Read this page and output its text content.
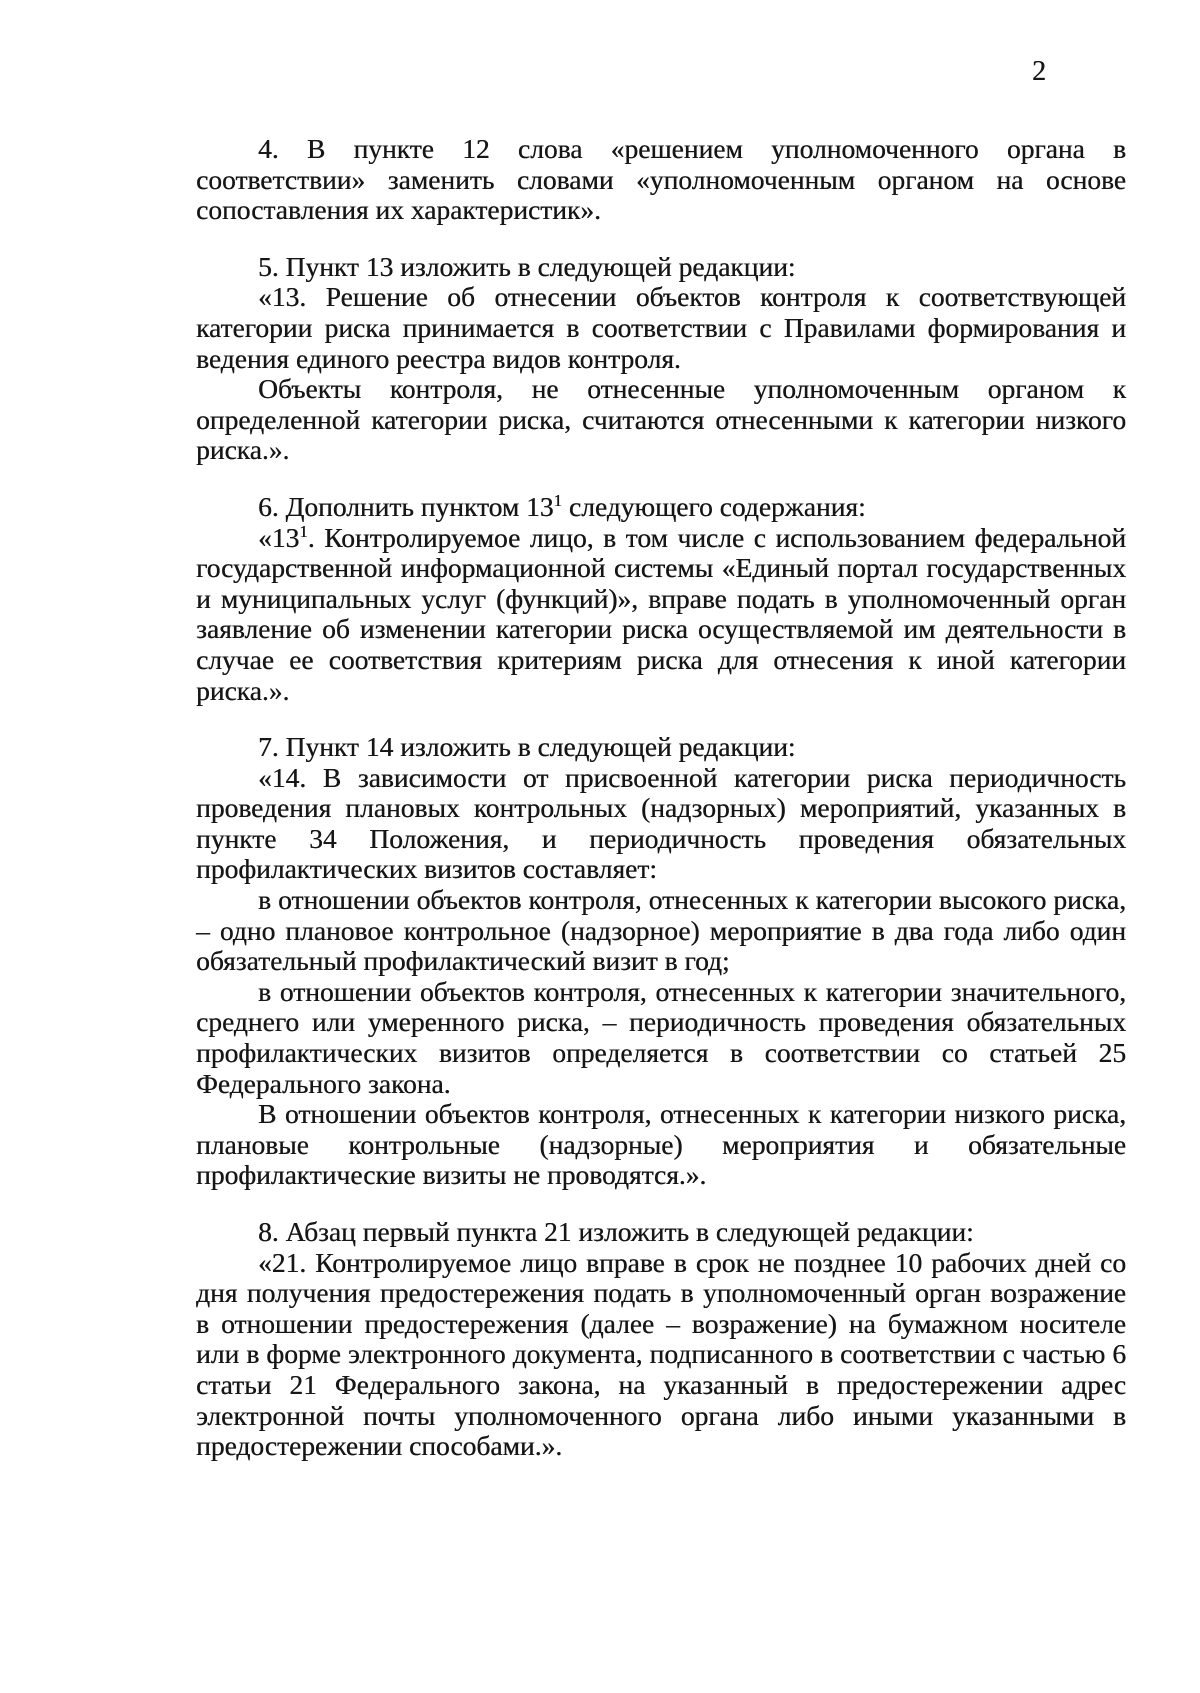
2

4. В пункте 12 слова «решением уполномоченного органа в соответствии» заменить словами «уполномоченным органом на основе сопоставления их характеристик».

5. Пункт 13 изложить в следующей редакции:

«13. Решение об отнесении объектов контроля к соответствующей категории риска принимается в соответствии с Правилами формирования и ведения единого реестра видов контроля.

Объекты контроля, не отнесенные уполномоченным органом к определенной категории риска, считаются отнесенными к категории низкого риска.».

6. Дополнить пунктом $13^1$ следующего содержания:

«$13^1$. Контролируемое лицо, в том числе с использованием федеральной государственной информационной системы «Единый портал государственных и муниципальных услуг (функций)», вправе подать в уполномоченный орган заявление об изменении категории риска осуществляемой им деятельности в случае ее соответствия критериям риска для отнесения к иной категории риска.».

7. Пункт 14 изложить в следующей редакции:

«14. В зависимости от присвоенной категории риска периодичность проведения плановых контрольных (надзорных) мероприятий, указанных в пункте 34 Положения, и периодичность проведения обязательных профилактических визитов составляет:

в отношении объектов контроля, отнесенных к категории высокого риска, – одно плановое контрольное (надзорное) мероприятие в два года либо один обязательный профилактический визит в год;

в отношении объектов контроля, отнесенных к категории значительного, среднего или умеренного риска, – периодичность проведения обязательных профилактических визитов определяется в соответствии со статьей 25 Федерального закона.

В отношении объектов контроля, отнесенных к категории низкого риска, плановые контрольные (надзорные) мероприятия и обязательные профилактические визиты не проводятся.».

8. Абзац первый пункта 21 изложить в следующей редакции:

«21. Контролируемое лицо вправе в срок не позднее 10 рабочих дней со дня получения предостережения подать в уполномоченный орган возражение в отношении предостережения (далее – возражение) на бумажном носителе или в форме электронного документа, подписанного в соответствии с частью 6 статьи 21 Федерального закона, на указанный в предостережении адрес электронной почты уполномоченного органа либо иными указанными в предостережении способами.».
